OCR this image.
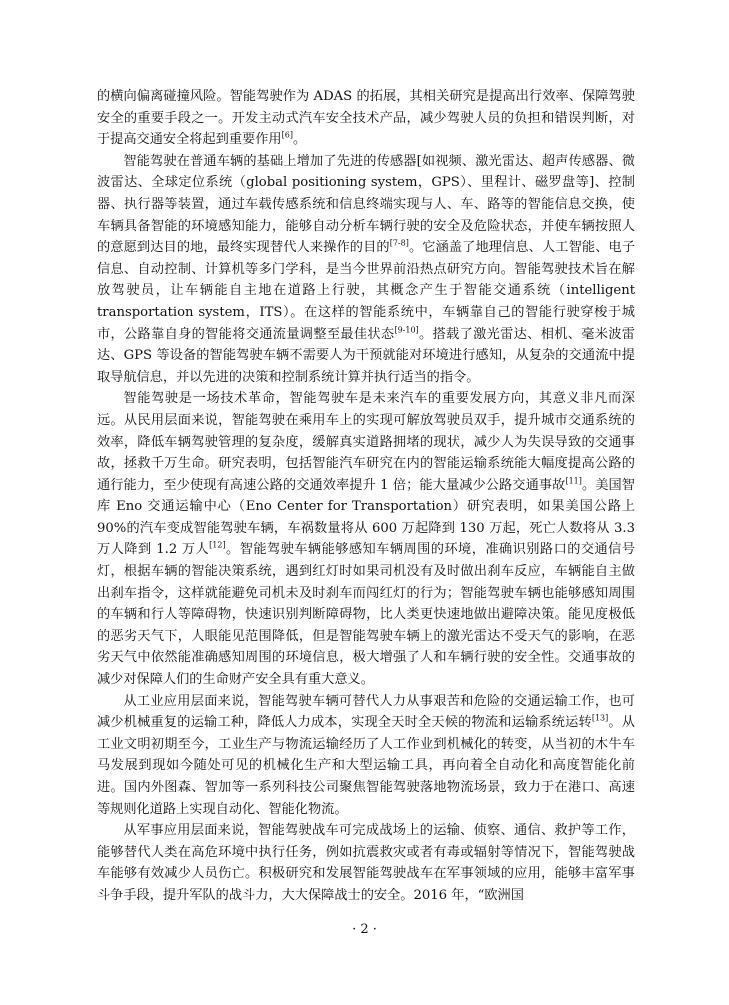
的横向偏离碰撞风险。智能驾驶作为 ADAS 的拓展，其相关研究是提高出行效率、保障驾驶安全的重要手段之一。开发主动式汽车安全技术产品，减少驾驶人员的负担和错误判断，对于提高交通安全将起到重要作用[6]。

智能驾驶在普通车辆的基础上增加了先进的传感器[如视频、激光雷达、超声传感器、微波雷达、全球定位系统（global positioning system，GPS）、里程计、磁罗盘等]、控制器、执行器等装置，通过车载传感系统和信息终端实现与人、车、路等的智能信息交换，使车辆具备智能的环境感知能力，能够自动分析车辆行驶的安全及危险状态，并使车辆按照人的意愿到达目的地，最终实现替代人来操作的目的[7-8]。它涵盖了地理信息、人工智能、电子信息、自动控制、计算机等多门学科，是当今世界前沿热点研究方向。智能驾驶技术旨在解放驾驶员，让车辆能自主地在道路上行驶，其概念产生于智能交通系统（intelligent transportation system，ITS）。在这样的智能系统中，车辆靠自己的智能行驶穿梭于城市，公路靠自身的智能将交通流量调整至最佳状态[9-10]。搭载了激光雷达、相机、毫米波雷达、GPS 等设备的智能驾驶车辆不需要人为干预就能对环境进行感知，从复杂的交通流中提取导航信息，并以先进的决策和控制系统计算并执行适当的指令。

智能驾驶是一场技术革命，智能驾驶车是未来汽车的重要发展方向，其意义非凡而深远。从民用层面来说，智能驾驶在乘用车上的实现可解放驾驶员双手，提升城市交通系统的效率，降低车辆驾驶管理的复杂度，缓解真实道路拥堵的现状，减少人为失误导致的交通事故，拯救千万生命。研究表明，包括智能汽车研究在内的智能运输系统能大幅度提高公路的通行能力，至少使现有高速公路的交通效率提升 1 倍；能大量减少公路交通事故[11]。美国智库 Eno 交通运输中心（Eno Center for Transportation）研究表明，如果美国公路上 90%的汽车变成智能驾驶车辆，车祸数量将从 600 万起降到 130 万起，死亡人数将从 3.3 万人降到 1.2 万人[12]。智能驾驶车辆能够感知车辆周围的环境，准确识别路口的交通信号灯，根据车辆的智能决策系统，遇到红灯时如果司机没有及时做出刹车反应，车辆能自主做出刹车指令，这样就能避免司机未及时刹车而闯红灯的行为；智能驾驶车辆也能够感知周围的车辆和行人等障碍物，快速识别判断障碍物，比人类更快速地做出避障决策。能见度极低的恶劣天气下，人眼能见范围降低，但是智能驾驶车辆上的激光雷达不受天气的影响，在恶劣天气中依然能准确感知周围的环境信息，极大增强了人和车辆行驶的安全性。交通事故的减少对保障人们的生命财产安全具有重大意义。

从工业应用层面来说，智能驾驶车辆可替代人力从事艰苦和危险的交通运输工作，也可减少机械重复的运输工种，降低人力成本，实现全天时全天候的物流和运输系统运转[13]。从工业文明初期至今，工业生产与物流运输经历了人工作业到机械化的转变，从当初的木牛车马发展到现如今随处可见的机械化生产和大型运输工具，再向着全自动化和高度智能化前进。国内外图森、智加等一系列科技公司聚焦智能驾驶落地物流场景，致力于在港口、高速等规则化道路上实现自动化、智能化物流。

从军事应用层面来说，智能驾驶战车可完成战场上的运输、侦察、通信、救护等工作，能够替代人类在高危环境中执行任务，例如抗震救灾或者有毒或辐射等情况下，智能驾驶战车能够有效减少人员伤亡。积极研究和发展智能驾驶战车在军事领域的应用，能够丰富军事斗争手段，提升军队的战斗力，大大保障战士的安全。2016 年，“欧洲国

· 2 ·
